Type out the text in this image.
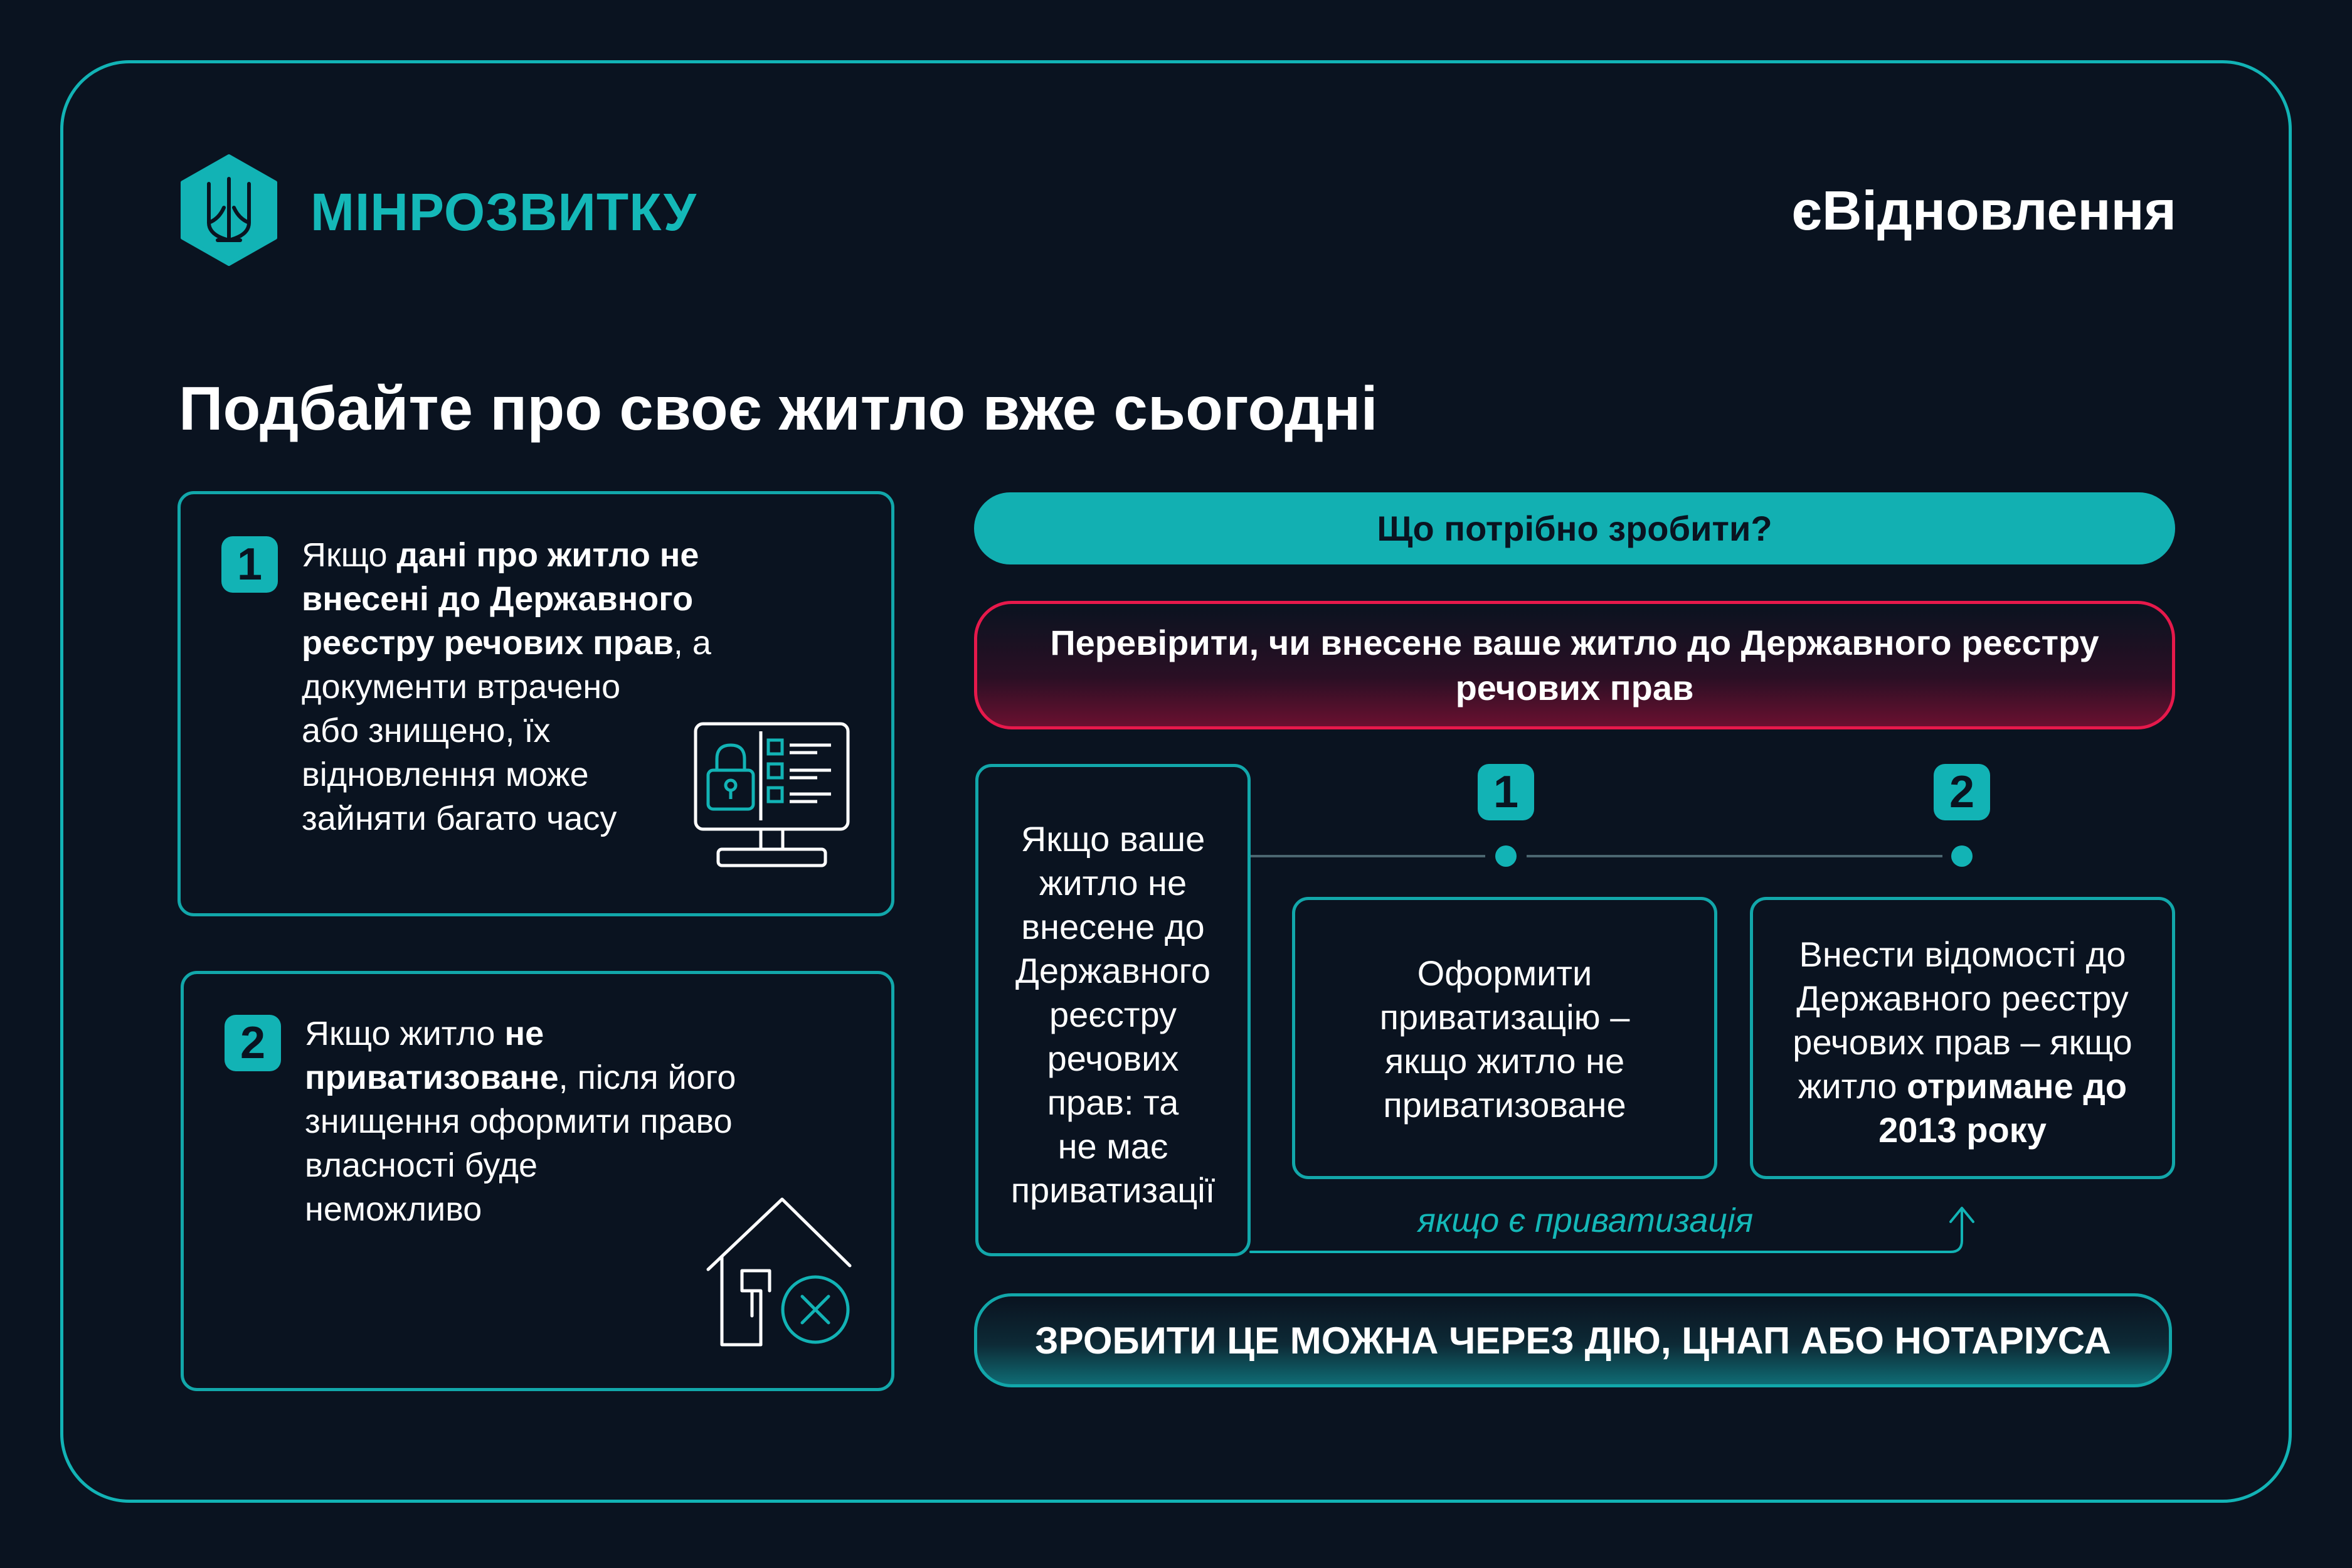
МІНРОЗВИТКУ	єВідновлення
Подбайте про своє житло вже сьогодні
1	Якщо дані про житло не
внесені до Державного
реєстру речових прав, а
документи втрачено
або знищено, їх
відновлення може
зайняти багато часу
2	Якщо житло не
приватизоване, після його
знищення оформити право
власності буде
неможливо
Що потрібно зробити?
Перевірити, чи внесене ваше житло до Державного реєстру
речових прав
Якщо ваше
житло не
внесене до
Державного
реєстру
речових
прав: та
не має
приватизації
1	2
Оформити
приватизацію –
якщо житло не
приватизоване
Внести відомості до
Державного реєстру
речових прав – якщо
житло отримане до
2013 року
якщо є приватизація
ЗРОБИТИ ЦЕ МОЖНА ЧЕРЕЗ ДІЮ, ЦНАП АБО НОТАРІУСА
